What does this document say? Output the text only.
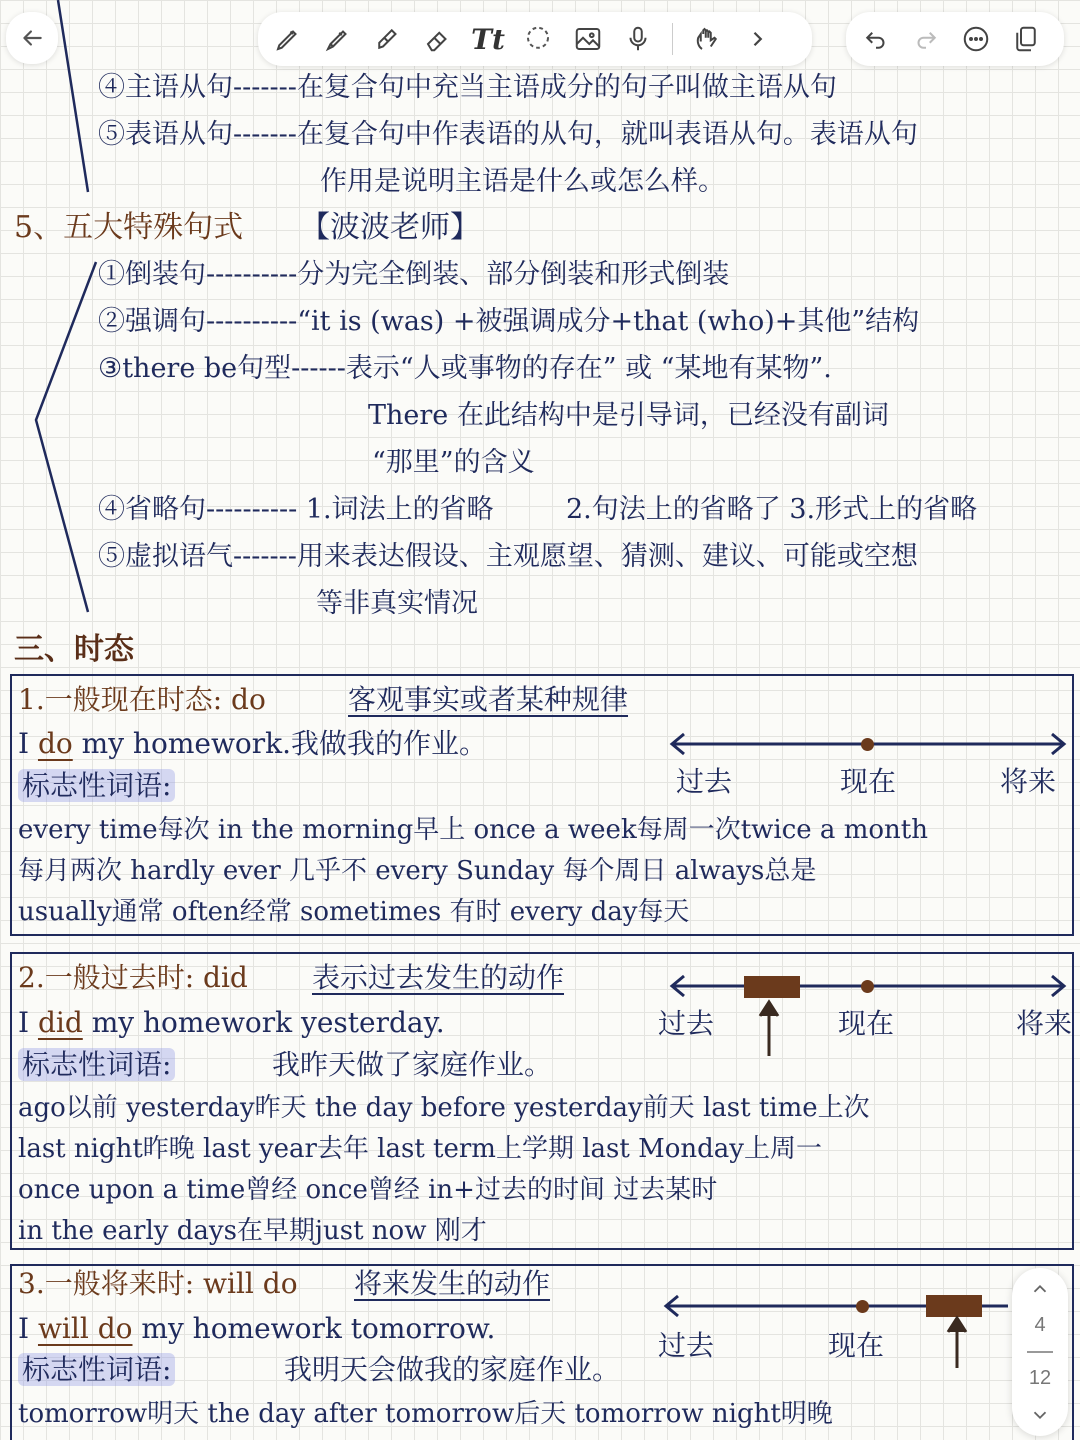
Tt
④主语从句-------在复合句中充当主语成分的句子叫做主语从句
⑤表语从句-------在复合句中作表语的从句，就叫表语从句。表语从句
作用是说明主语是什么或怎么样。
5、五大特殊句式 【波波老师】
①倒装句----------分为完全倒装、部分倒装和形式倒装
②强调句----------“it is (was) +被强调成分+that (who)+其他”结构
③there be句型------表示“人或事物的存在” 或 “某地有某物”.
There 在此结构中是引导词，已经没有副词
“那里”的含义
④省略句---------- 1.词法上的省略	2.句法上的省略了 3.形式上的省略
⑤虚拟语气-------用来表达假设、主观愿望、猜测、建议、可能或空想
等非真实情况
三、时态
1.一般现在时态: do	客观事实或者某种规律
I do my homework.我做我的作业。
标志性词语:
every time每次 in the morning早上 once a week每周一次twice a month
每月两次 hardly ever 几乎不 every Sunday 每个周日 always总是
usually通常 often经常 sometimes 有时 every day每天
过去	现在	将来
2.一般过去时: did 表示过去发生的动作
I did my homework yesterday.
标志性词语:	我昨天做了家庭作业。
ago以前 yesterday昨天 the day before yesterday前天 last time上次
last night昨晚 last year去年 last term上学期 last Monday上周一
once upon a time曾经 once曾经 in+过去的时间 过去某时
in the early days在早期just now 刚才
过去	现在	将来
3.一般将来时: will do 将来发生的动作
I will do my homework tomorrow.
标志性词语:	我明天会做我的家庭作业。
tomorrow明天 the day after tomorrow后天 tomorrow night明晚
过去	现在
4
12
